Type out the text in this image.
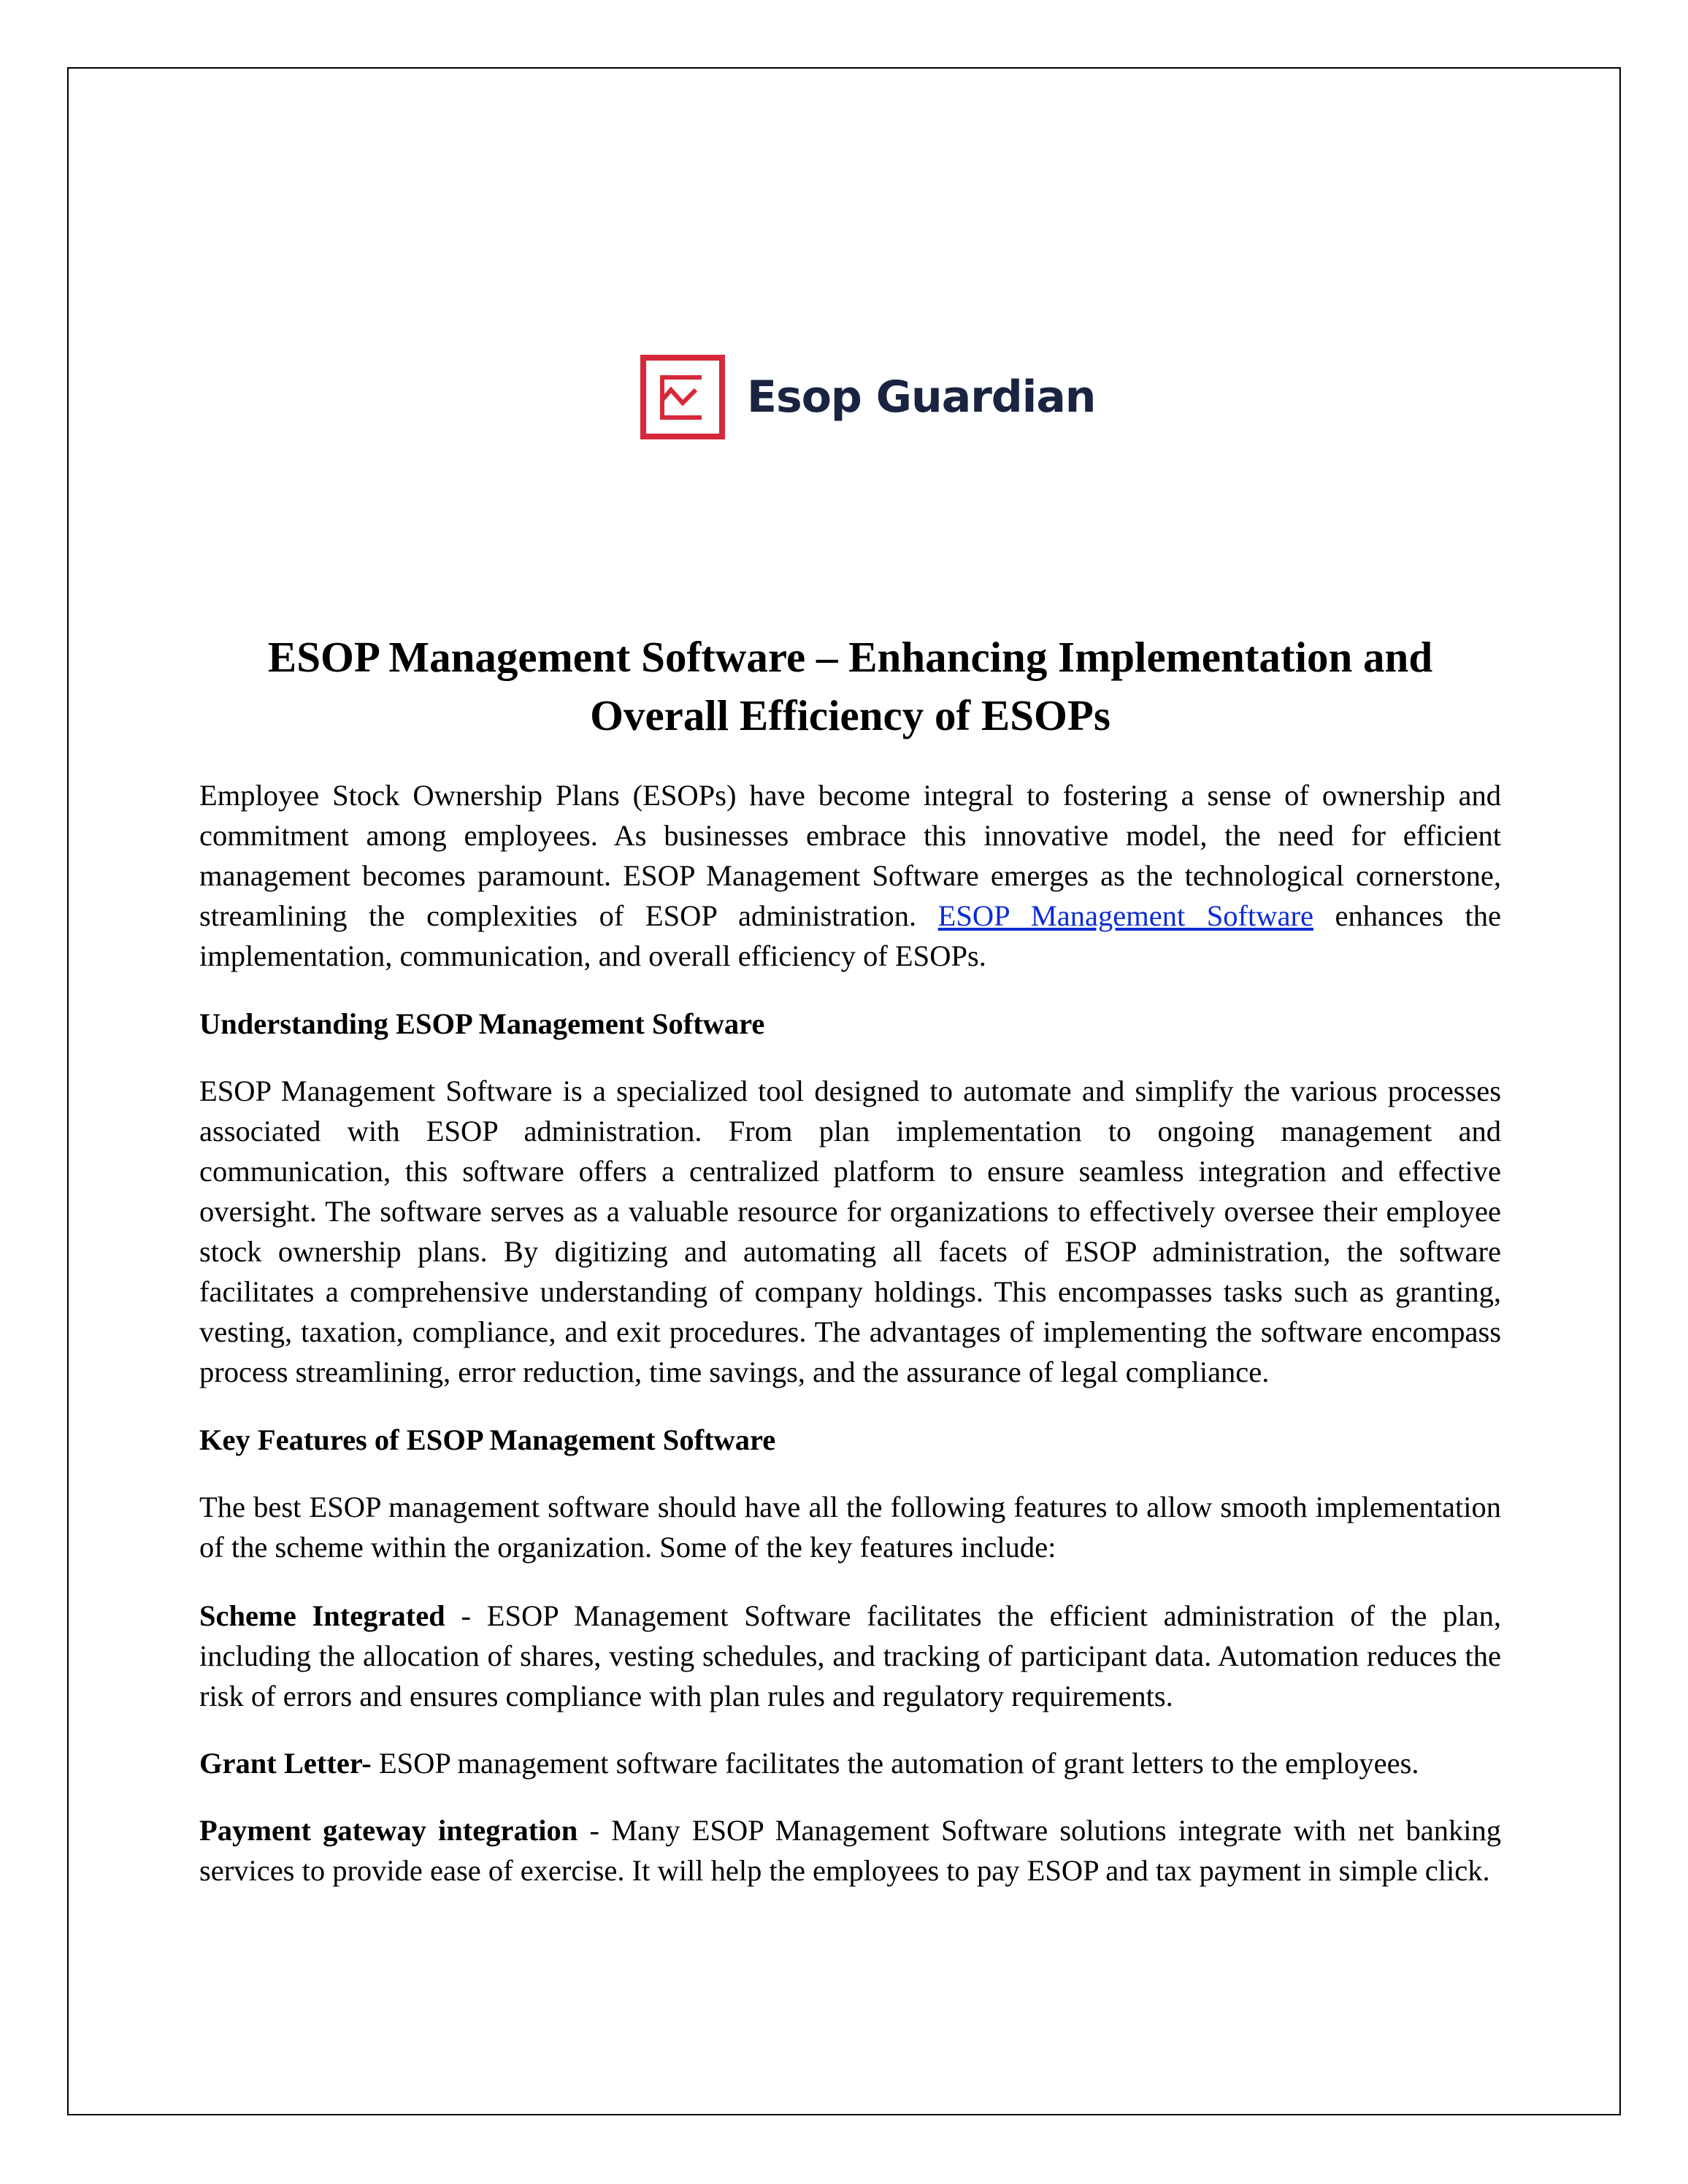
Esop Guardian
ESOP Management Software – Enhancing Implementation and Overall Efficiency of ESOPs

Employee Stock Ownership Plans (ESOPs) have become integral to fostering a sense of ownership and commitment among employees. As businesses embrace this innovative model, the need for efficient management becomes paramount. ESOP Management Software emerges as the technological cornerstone, streamlining the complexities of ESOP administration. ESOP Management Software enhances the implementation, communication, and overall efficiency of ESOPs.

Understanding ESOP Management Software

ESOP Management Software is a specialized tool designed to automate and simplify the various processes associated with ESOP administration. From plan implementation to ongoing management and communication, this software offers a centralized platform to ensure seamless integration and effective oversight. The software serves as a valuable resource for organizations to effectively oversee their employee stock ownership plans. By digitizing and automating all facets of ESOP administration, the software facilitates a comprehensive understanding of company holdings. This encompasses tasks such as granting, vesting, taxation, compliance, and exit procedures. The advantages of implementing the software encompass process streamlining, error reduction, time savings, and the assurance of legal compliance.

Key Features of ESOP Management Software

The best ESOP management software should have all the following features to allow smooth implementation of the scheme within the organization. Some of the key features include:

Scheme Integrated - ESOP Management Software facilitates the efficient administration of the plan, including the allocation of shares, vesting schedules, and tracking of participant data. Automation reduces the risk of errors and ensures compliance with plan rules and regulatory requirements.

Grant Letter- ESOP management software facilitates the automation of grant letters to the employees.

Payment gateway integration - Many ESOP Management Software solutions integrate with net banking services to provide ease of exercise. It will help the employees to pay ESOP and tax payment in simple click.
